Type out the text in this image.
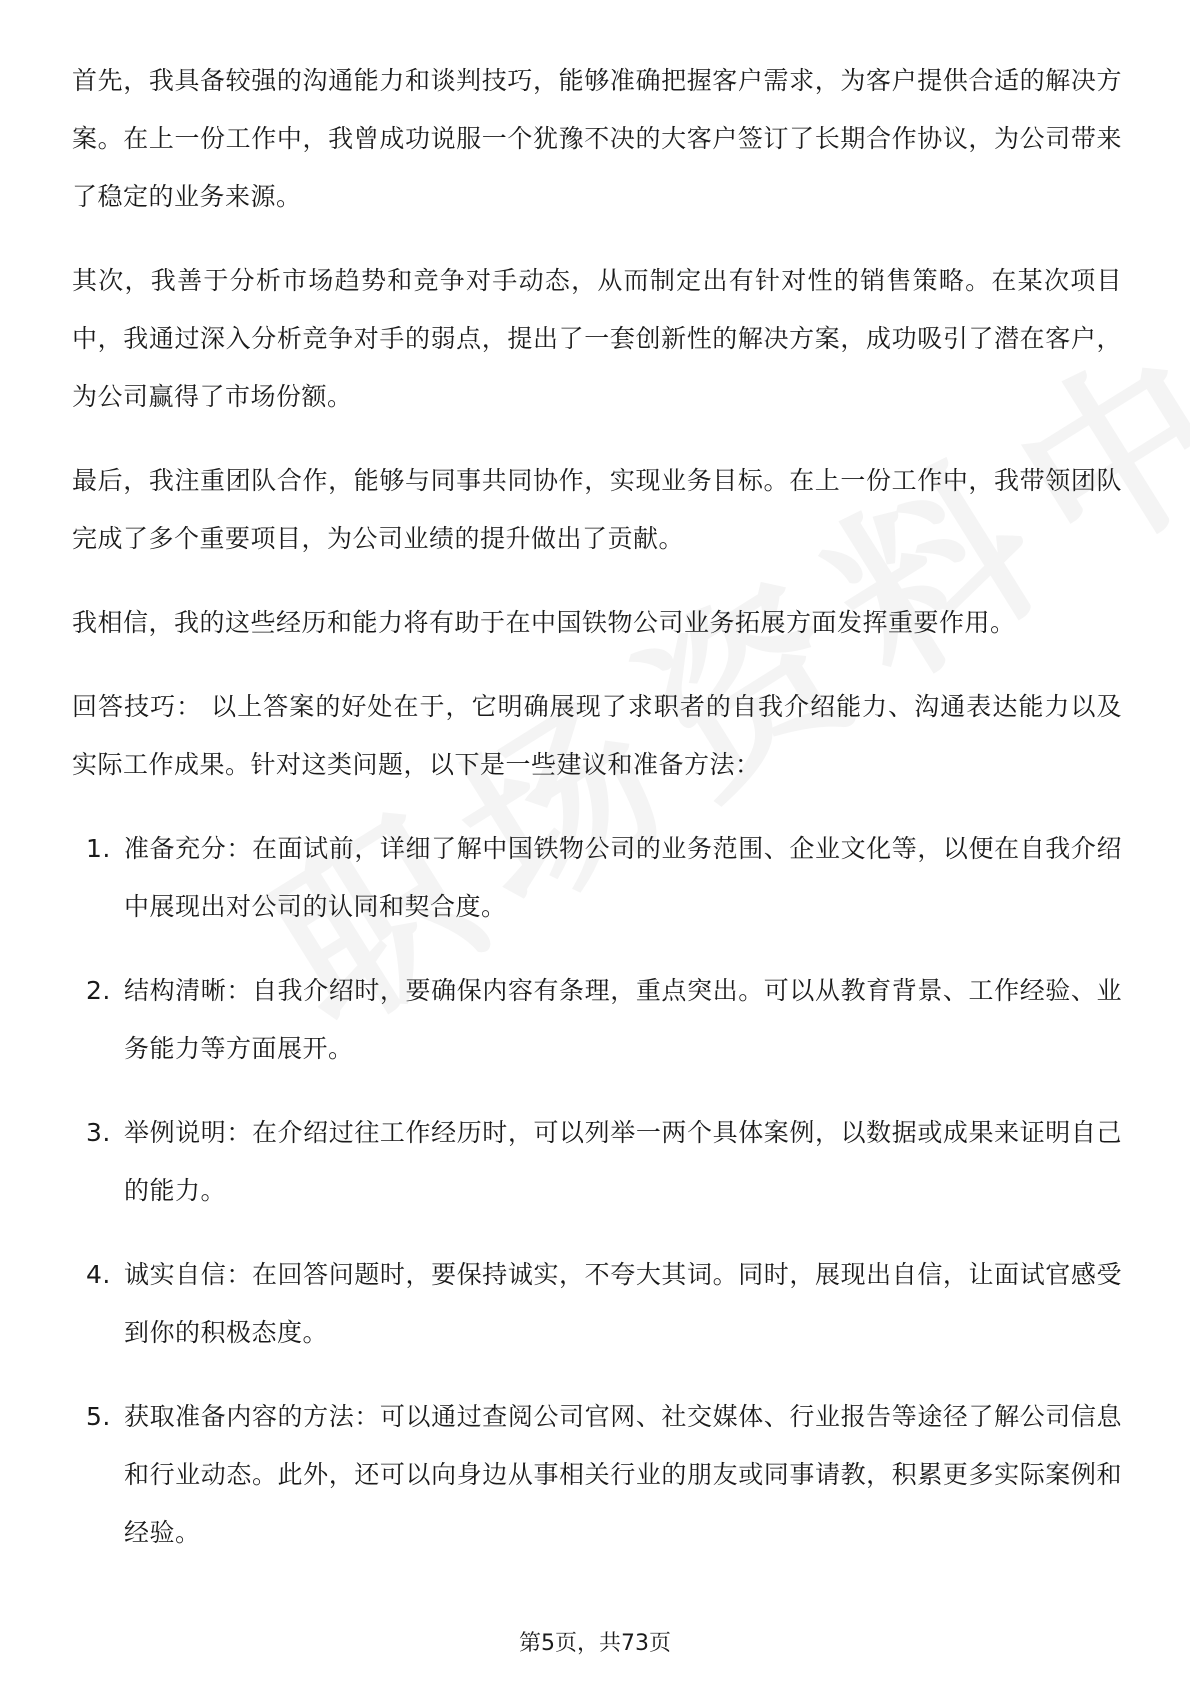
首先，我具备较强的沟通能力和谈判技巧，能够准确把握客户需求，为客户提供合适的解决方案。在上一份工作中，我曾成功说服一个犹豫不决的大客户签订了长期合作协议，为公司带来了稳定的业务来源。

其次，我善于分析市场趋势和竞争对手动态，从而制定出有针对性的销售策略。在某次项目中，我通过深入分析竞争对手的弱点，提出了一套创新性的解决方案，成功吸引了潜在客户，为公司赢得了市场份额。

最后，我注重团队合作，能够与同事共同协作，实现业务目标。在上一份工作中，我带领团队完成了多个重要项目，为公司业绩的提升做出了贡献。

我相信，我的这些经历和能力将有助于在中国铁物公司业务拓展方面发挥重要作用。

回答技巧： 以上答案的好处在于，它明确展现了求职者的自我介绍能力、沟通表达能力以及实际工作成果。针对这类问题，以下是一些建议和准备方法：

1. 准备充分：在面试前，详细了解中国铁物公司的业务范围、企业文化等，以便在自我介绍中展现出对公司的认同和契合度。
2. 结构清晰：自我介绍时，要确保内容有条理，重点突出。可以从教育背景、工作经验、业务能力等方面展开。
3. 举例说明：在介绍过往工作经历时，可以列举一两个具体案例，以数据或成果来证明自己的能力。
4. 诚实自信：在回答问题时，要保持诚实，不夸大其词。同时，展现出自信，让面试官感受到你的积极态度。
5. 获取准备内容的方法：可以通过查阅公司官网、社交媒体、行业报告等途径了解公司信息和行业动态。此外，还可以向身边从事相关行业的朋友或同事请教，积累更多实际案例和经验。
第5页，共73页
